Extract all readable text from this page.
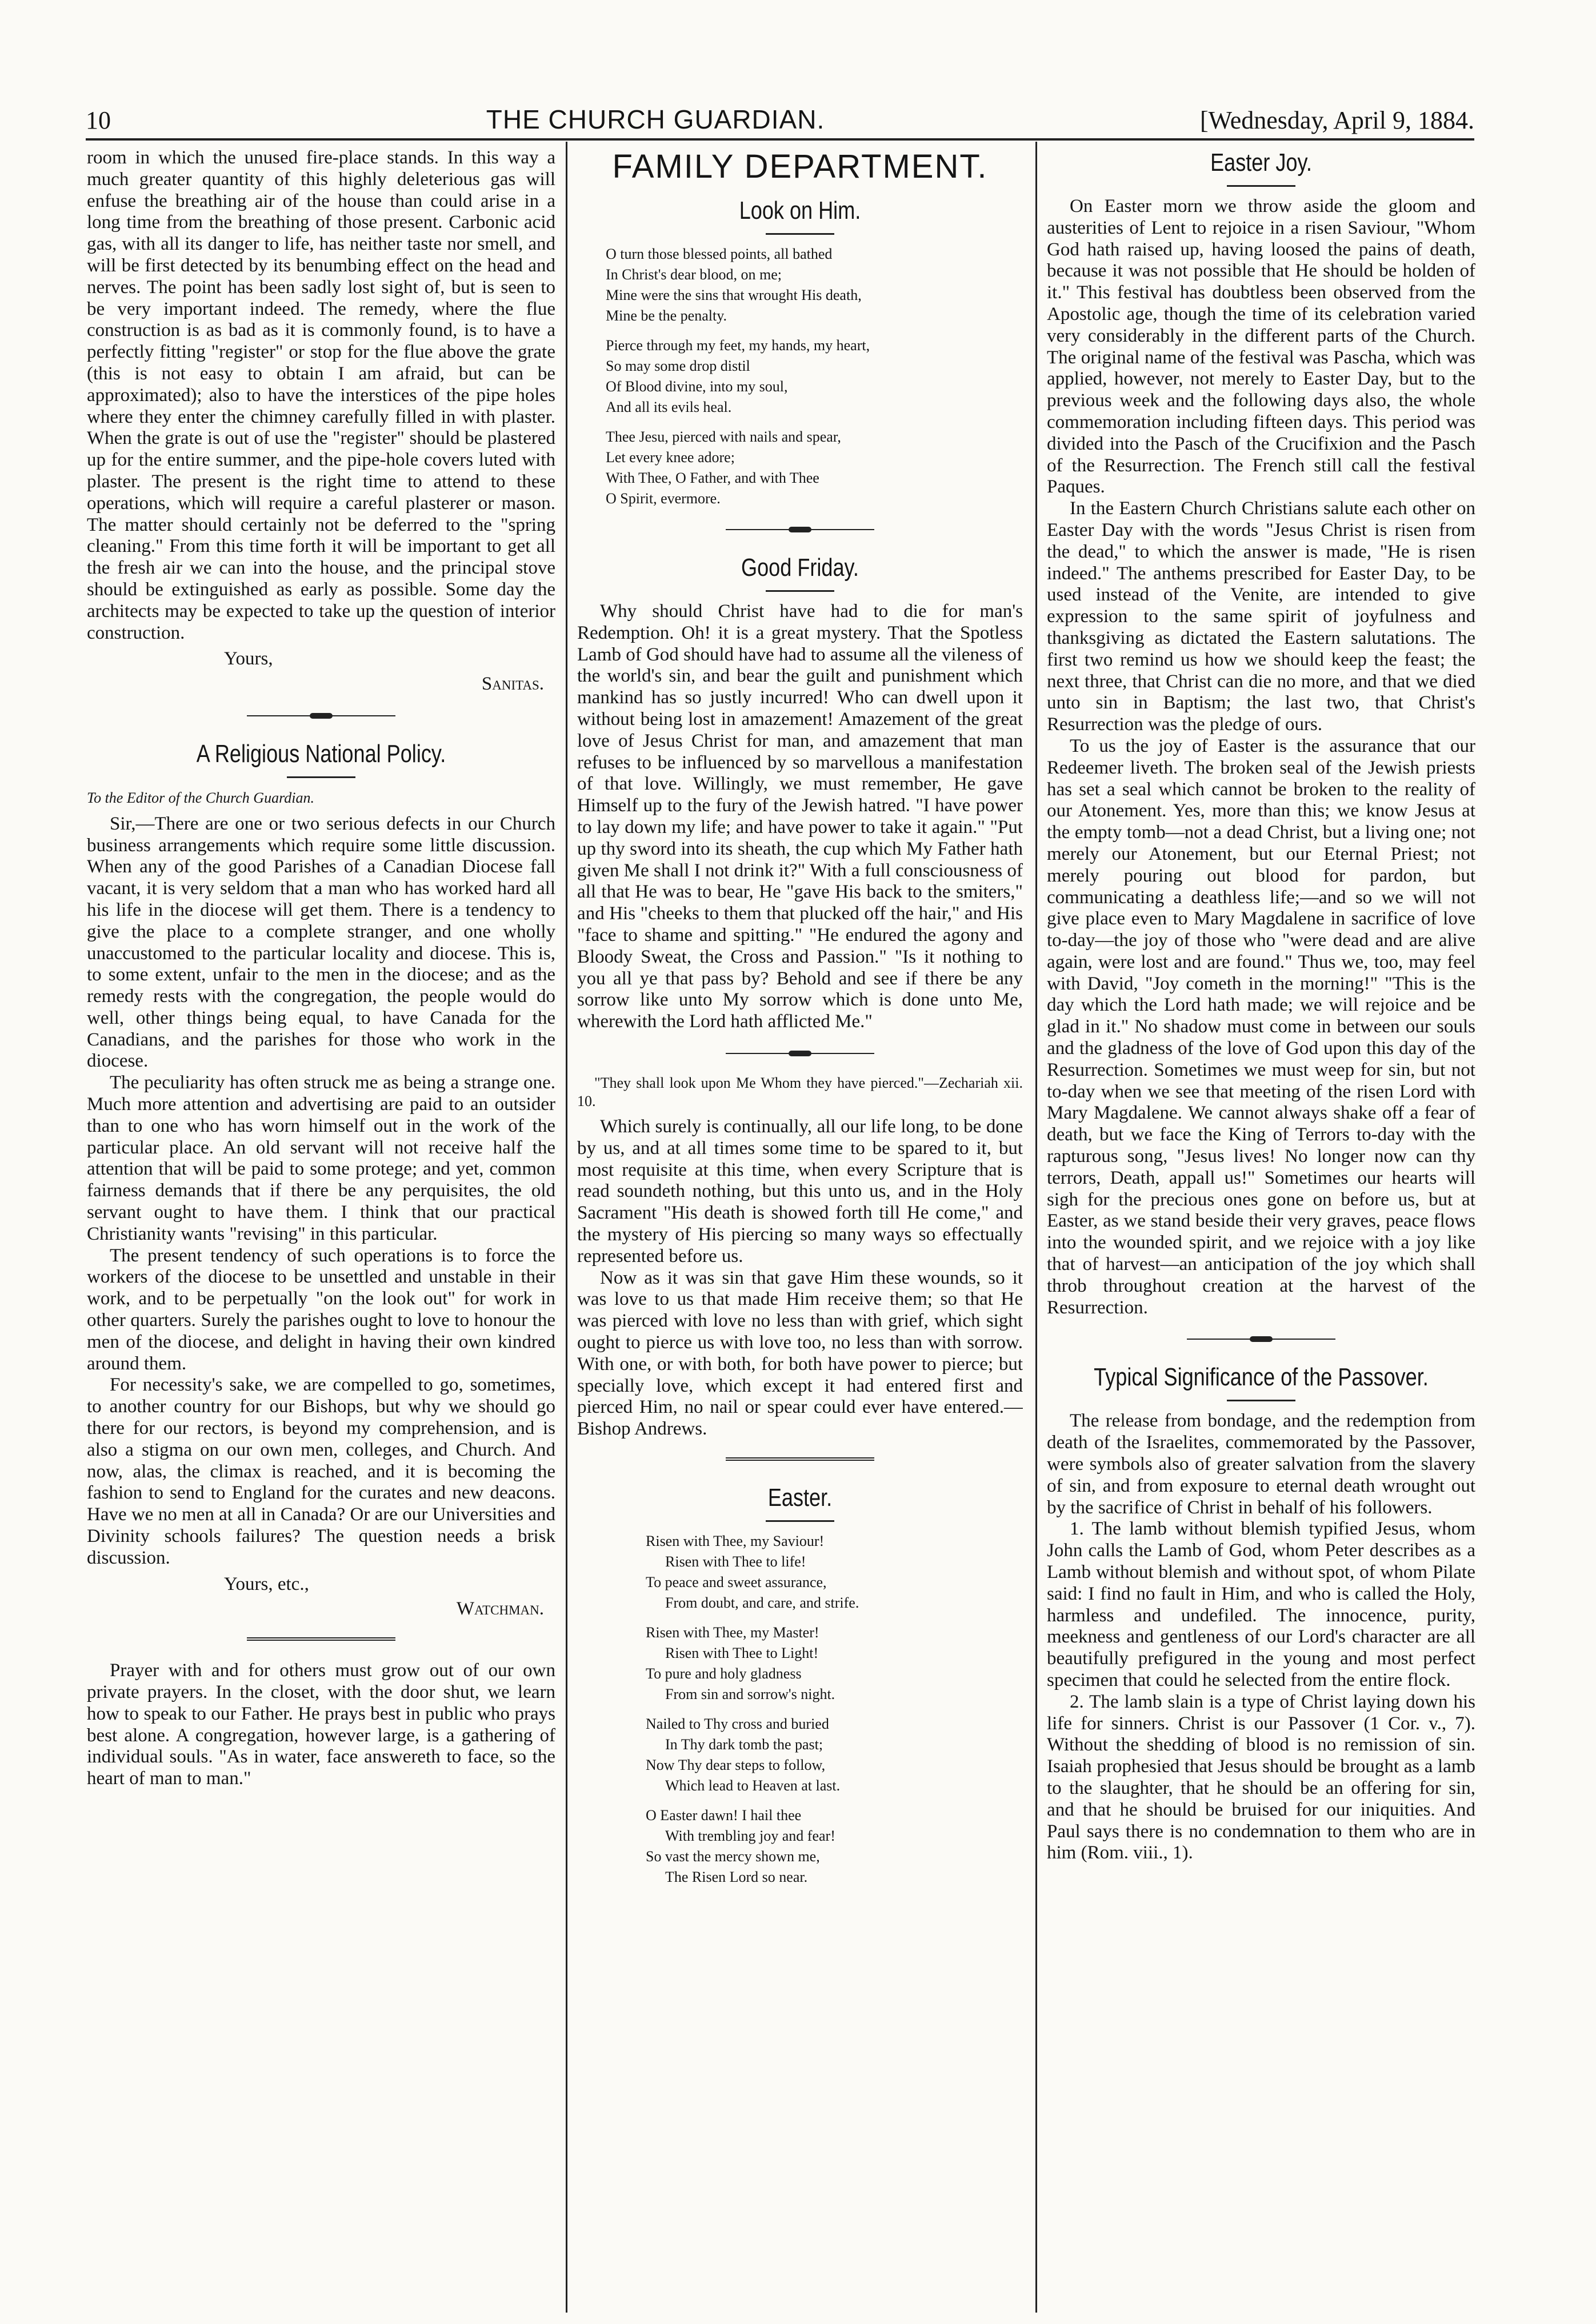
10	THE CHURCH GUARDIAN.	[Wednesday, April 9, 1884.

room in which the unused fire-place stands. In this way a much greater quantity of this highly deleterious gas will enfuse the breathing air of the house than could arise in a long time from the breathing of those present. Carbonic acid gas, with all its danger to life, has neither taste nor smell, and will be first detected by its benumbing effect on the head and nerves. The point has been sadly lost sight of, but is seen to be very important indeed. The remedy, where the flue construction is as bad as it is commonly found, is to have a perfectly fitting "register" or stop for the flue above the grate (this is not easy to obtain I am afraid, but can be approximated); also to have the interstices of the pipe holes where they enter the chimney carefully filled in with plaster. When the grate is out of use the "register" should be plastered up for the entire summer, and the pipe-hole covers luted with plaster. The present is the right time to attend to these operations, which will require a careful plasterer or mason. The matter should certainly not be deferred to the "spring cleaning." From this time forth it will be important to get all the fresh air we can into the house, and the principal stove should be extinguished as early as possible. Some day the architects may be expected to take up the question of interior construction.

Yours,

Sanitas.

A Religious National Policy.

To the Editor of the Church Guardian.

Sir,—There are one or two serious defects in our Church business arrangements which require some little discussion. When any of the good Parishes of a Canadian Diocese fall vacant, it is very seldom that a man who has worked hard all his life in the diocese will get them. There is a tendency to give the place to a complete stranger, and one wholly unaccustomed to the particular locality and diocese. This is, to some extent, unfair to the men in the diocese; and as the remedy rests with the congregation, the people would do well, other things being equal, to have Canada for the Canadians, and the parishes for those who work in the diocese.

The peculiarity has often struck me as being a strange one. Much more attention and advertising are paid to an outsider than to one who has worn himself out in the work of the particular place. An old servant will not receive half the attention that will be paid to some protege; and yet, common fairness demands that if there be any perquisites, the old servant ought to have them. I think that our practical Christianity wants "revising" in this particular.

The present tendency of such operations is to force the workers of the diocese to be unsettled and unstable in their work, and to be perpetually "on the look out" for work in other quarters. Surely the parishes ought to love to honour the men of the diocese, and delight in having their own kindred around them.

For necessity's sake, we are compelled to go, sometimes, to another country for our Bishops, but why we should go there for our rectors, is beyond my comprehension, and is also a stigma on our own men, colleges, and Church. And now, alas, the climax is reached, and it is becoming the fashion to send to England for the curates and new deacons. Have we no men at all in Canada? Or are our Universities and Divinity schools failures? The question needs a brisk discussion.

Yours, etc.,

Watchman.

Prayer with and for others must grow out of our own private prayers. In the closet, with the door shut, we learn how to speak to our Father. He prays best in public who prays best alone. A congregation, however large, is a gathering of individual souls. "As in water, face answereth to face, so the heart of man to man."

FAMILY DEPARTMENT.
Look on Him.
O turn those blessed points, all bathed
In Christ's dear blood, on me;
Mine were the sins that wrought His death,
Mine be the penalty.
Pierce through my feet, my hands, my heart,
So may some drop distil
Of Blood divine, into my soul,
And all its evils heal.
Thee Jesu, pierced with nails and spear,
Let every knee adore;
With Thee, O Father, and with Thee
O Spirit, evermore.
Good Friday.

Why should Christ have had to die for man's Redemption. Oh! it is a great mystery. That the Spotless Lamb of God should have had to assume all the vileness of the world's sin, and bear the guilt and punishment which mankind has so justly incurred! Who can dwell upon it without being lost in amazement! Amazement of the great love of Jesus Christ for man, and amazement that man refuses to be influenced by so marvellous a manifestation of that love. Willingly, we must remember, He gave Himself up to the fury of the Jewish hatred. "I have power to lay down my life; and have power to take it again." "Put up thy sword into its sheath, the cup which My Father hath given Me shall I not drink it?" With a full consciousness of all that He was to bear, He "gave His back to the smiters," and His "cheeks to them that plucked off the hair," and His "face to shame and spitting." "He endured the agony and Bloody Sweat, the Cross and Passion." "Is it nothing to you all ye that pass by? Behold and see if there be any sorrow like unto My sorrow which is done unto Me, wherewith the Lord hath afflicted Me."

"They shall look upon Me Whom they have pierced."—Zechariah xii. 10.

Which surely is continually, all our life long, to be done by us, and at all times some time to be spared to it, but most requisite at this time, when every Scripture that is read soundeth nothing, but this unto us, and in the Holy Sacrament "His death is showed forth till He come," and the mystery of His piercing so many ways so effectually represented before us.

Now as it was sin that gave Him these wounds, so it was love to us that made Him receive them; so that He was pierced with love no less than with grief, which sight ought to pierce us with love too, no less than with sorrow. With one, or with both, for both have power to pierce; but specially love, which except it had entered first and pierced Him, no nail or spear could ever have entered.—Bishop Andrews.

Easter.
Risen with Thee, my Saviour!
Risen with Thee to life!
To peace and sweet assurance,
From doubt, and care, and strife.
Risen with Thee, my Master!
Risen with Thee to Light!
To pure and holy gladness
From sin and sorrow's night.
Nailed to Thy cross and buried
In Thy dark tomb the past;
Now Thy dear steps to follow,
Which lead to Heaven at last.
O Easter dawn! I hail thee
With trembling joy and fear!
So vast the mercy shown me,
The Risen Lord so near.
Easter Joy.

On Easter morn we throw aside the gloom and austerities of Lent to rejoice in a risen Saviour, "Whom God hath raised up, having loosed the pains of death, because it was not possible that He should be holden of it." This festival has doubtless been observed from the Apostolic age, though the time of its celebration varied very considerably in the different parts of the Church. The original name of the festival was Pascha, which was applied, however, not merely to Easter Day, but to the previous week and the following days also, the whole commemoration including fifteen days. This period was divided into the Pasch of the Crucifixion and the Pasch of the Resurrection. The French still call the festival Paques.

In the Eastern Church Christians salute each other on Easter Day with the words "Jesus Christ is risen from the dead," to which the answer is made, "He is risen indeed." The anthems prescribed for Easter Day, to be used instead of the Venite, are intended to give expression to the same spirit of joyfulness and thanksgiving as dictated the Eastern salutations. The first two remind us how we should keep the feast; the next three, that Christ can die no more, and that we died unto sin in Baptism; the last two, that Christ's Resurrection was the pledge of ours.

To us the joy of Easter is the assurance that our Redeemer liveth. The broken seal of the Jewish priests has set a seal which cannot be broken to the reality of our Atonement. Yes, more than this; we know Jesus at the empty tomb—not a dead Christ, but a living one; not merely our Atonement, but our Eternal Priest; not merely pouring out blood for pardon, but communicating a deathless life;—and so we will not give place even to Mary Magdalene in sacrifice of love to-day—the joy of those who "were dead and are alive again, were lost and are found." Thus we, too, may feel with David, "Joy cometh in the morning!" "This is the day which the Lord hath made; we will rejoice and be glad in it." No shadow must come in between our souls and the gladness of the love of God upon this day of the Resurrection. Sometimes we must weep for sin, but not to-day when we see that meeting of the risen Lord with Mary Magdalene. We cannot always shake off a fear of death, but we face the King of Terrors to-day with the rapturous song, "Jesus lives! No longer now can thy terrors, Death, appall us!" Sometimes our hearts will sigh for the precious ones gone on before us, but at Easter, as we stand beside their very graves, peace flows into the wounded spirit, and we rejoice with a joy like that of harvest—an anticipation of the joy which shall throb throughout creation at the harvest of the Resurrection.

Typical Significance of the Passover.

The release from bondage, and the redemption from death of the Israelites, commemorated by the Passover, were symbols also of greater salvation from the slavery of sin, and from exposure to eternal death wrought out by the sacrifice of Christ in behalf of his followers.

1. The lamb without blemish typified Jesus, whom John calls the Lamb of God, whom Peter describes as a Lamb without blemish and without spot, of whom Pilate said: I find no fault in Him, and who is called the Holy, harmless and undefiled. The innocence, purity, meekness and gentleness of our Lord's character are all beautifully prefigured in the young and most perfect specimen that could he selected from the entire flock.

2. The lamb slain is a type of Christ laying down his life for sinners. Christ is our Passover (1 Cor. v., 7). Without the shedding of blood is no remission of sin. Isaiah prophesied that Jesus should be brought as a lamb to the slaughter, that he should be an offering for sin, and that he should be bruised for our iniquities. And Paul says there is no condemnation to them who are in him (Rom. viii., 1).
